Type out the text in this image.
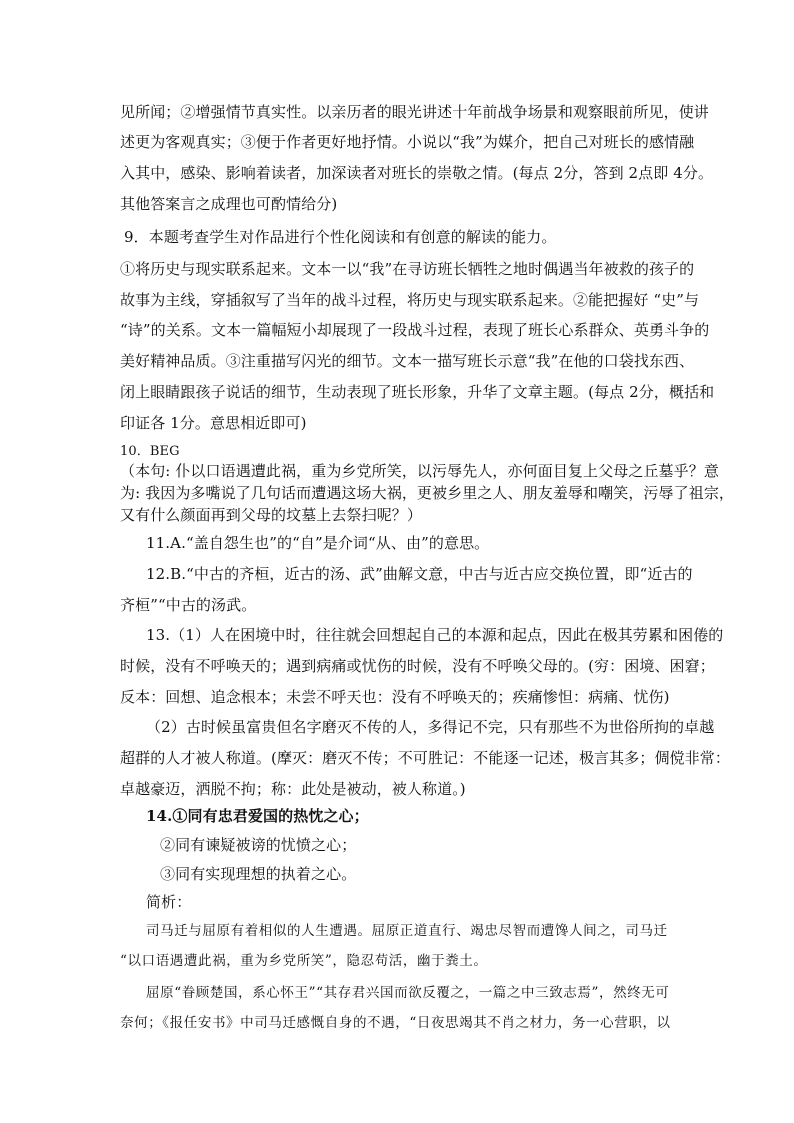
见所闻；②增强情节真实性。以亲历者的眼光讲述十年前战争场景和观察眼前所见，使讲
述更为客观真实；③便于作者更好地抒情。小说以“我”为媒介，把自己对班长的感情融
入其中，感染、影响着读者，加深读者对班长的崇敬之情。(每点 2分，答到 2点即 4分。
其他答案言之成理也可酌情给分)
9．本题考查学生对作品进行个性化阅读和有创意的解读的能力。
①将历史与现实联系起来。文本一以“我”在寻访班长牺牲之地时偶遇当年被救的孩子的
故事为主线，穿插叙写了当年的战斗过程，将历史与现实联系起来。②能把握好 “史”与
“诗”的关系。文本一篇幅短小却展现了一段战斗过程，表现了班长心系群众、英勇斗争的
美好精神品质。③注重描写闪光的细节。文本一描写班长示意“我”在他的口袋找东西、
闭上眼睛跟孩子说话的细节，生动表现了班长形象，升华了文章主题。(每点 2分，概括和
印证各 1分。意思相近即可)
10．BEG
（本句: 仆以口语遇遭此祸，重为乡党所笑，以污辱先人，亦何面目复上父母之丘墓乎？意
为: 我因为多嘴说了几句话而遭遇这场大祸，更被乡里之人、朋友羞辱和嘲笑，污辱了祖宗，
又有什么颜面再到父母的坟墓上去祭扫呢？）
11.A.“盖自怨生也”的“自”是介词“从、由”的意思。
12.B.“中古的齐桓，近古的汤、武”曲解文意，中古与近古应交换位置，即“近古的
齐桓”“中古的汤武。
13.（1）人在困境中时，往往就会回想起自己的本源和起点，因此在极其劳累和困倦的
时候，没有不呼唤天的；遇到病痛或忧伤的时候，没有不呼唤父母的。(穷：困境、困窘；
反本：回想、追念根本；未尝不呼天也：没有不呼唤天的；疾痛惨怛：病痛、忧伤)
（2）古时候虽富贵但名字磨灭不传的人，多得记不完，只有那些不为世俗所拘的卓越
超群的人才被人称道。(摩灭：磨灭不传；不可胜记：不能逐一记述，极言其多；倜傥非常：
卓越豪迈，洒脱不拘；称：此处是被动，被人称道。)
14.①同有忠君爱国的热忱之心；
②同有谏疑被谤的忧愤之心；
③同有实现理想的执着之心。
简析：
司马迁与屈原有着相似的人生遭遇。屈原正道直行、竭忠尽智而遭馋人间之，司马迁
“以口语遇遭此祸，重为乡党所笑”，隐忍苟活，幽于粪土。
屈原“眷顾楚国，系心怀王”“其存君兴国而欲反覆之，一篇之中三致志焉”，然终无可
奈何；《报任安书》中司马迁感慨自身的不遇，“日夜思竭其不肖之材力，务一心营职，以
